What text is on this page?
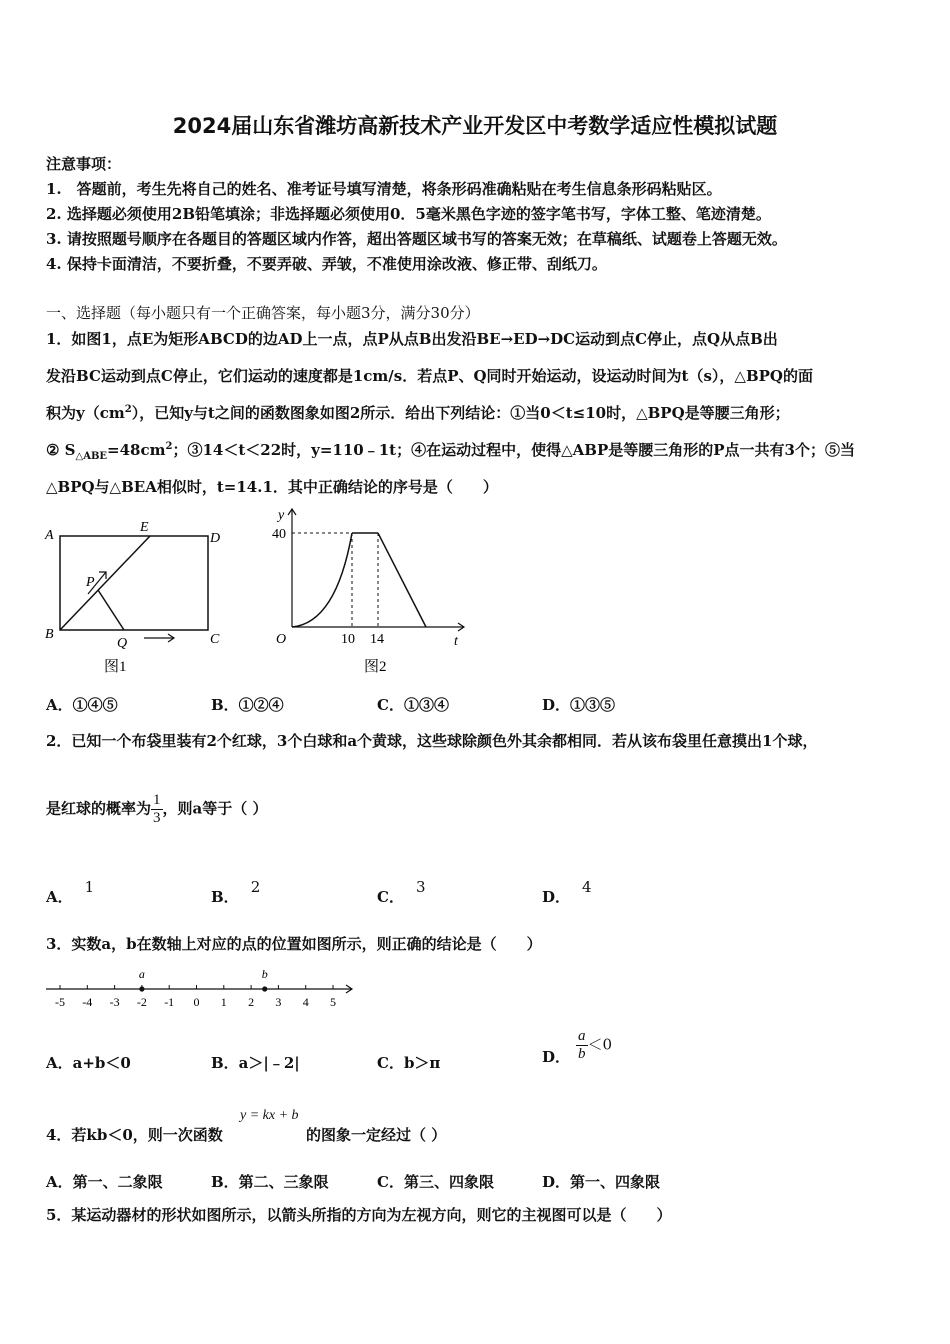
2024届山东省潍坊高新技术产业开发区中考数学适应性模拟试题
注意事项：
1.　答题前，考生先将自己的姓名、准考证号填写清楚，将条形码准确粘贴在考生信息条形码粘贴区。
2. 选择题必须使用2B铅笔填涂；非选择题必须使用0．5毫米黑色字迹的签字笔书写，字体工整、笔迹清楚。
3. 请按照题号顺序在各题目的答题区域内作答，超出答题区域书写的答案无效；在草稿纸、试题卷上答题无效。
4. 保持卡面清洁，不要折叠，不要弄破、弄皱，不准使用涂改液、修正带、刮纸刀。
一、选择题（每小题只有一个正确答案，每小题3分，满分30分）
1．如图1，点E为矩形ABCD的边AD上一点，点P从点B出发沿BE→ED→DC运动到点C停止，点Q从点B出
发沿BC运动到点C停止，它们运动的速度都是1cm/s．若点P、Q同时开始运动，设运动时间为t（s），△BPQ的面
积为$y(cm^2)$，已知y与t之间的函数图象如图2所示．给出下列结论：①当0＜t≤10时，△BPQ是等腰三角形；
② $S_{\triangle ABE}=48cm^2$；③14＜t＜22时，y=110﹣1t；④在运动过程中，使得△ABP是等腰三角形的P点一共有3个；⑤当
△BPQ与△BEA相似时，t=14.1．其中正确结论的序号是（　　）
A
B	C
D
E
P
Q
图1
y
t
O
40
10 14
图2
A．①④⑤	B．①②④	C．①③④	D．①③⑤
2．已知一个布袋里装有2个红球，3个白球和a个黄球，这些球除颜色外其余都相同．若从该布袋里任意摸出1个球，
是红球的概率为 $\frac{1}{3}$ ，则a等于（ ）
A．1
B．2
C．3
D．4
3．实数a，b在数轴上对应的点的位置如图所示，则正确的结论是（　　）
-5 -4 -3 -2 -1 0 1 2 3 4 5
a	b
A．a+b＜0	B．a＞|﹣2|	C．b＞π	D． $\frac{a}{b} <0$
4．若kb＜0，则一次函数
y = kx + b
的图象一定经过（ ）
A．第一、二象限	B．第二、三象限	C．第三、四象限	D．第一、四象限
5．某运动器材的形状如图所示，以箭头所指的方向为左视方向，则它的主视图可以是（　　）
